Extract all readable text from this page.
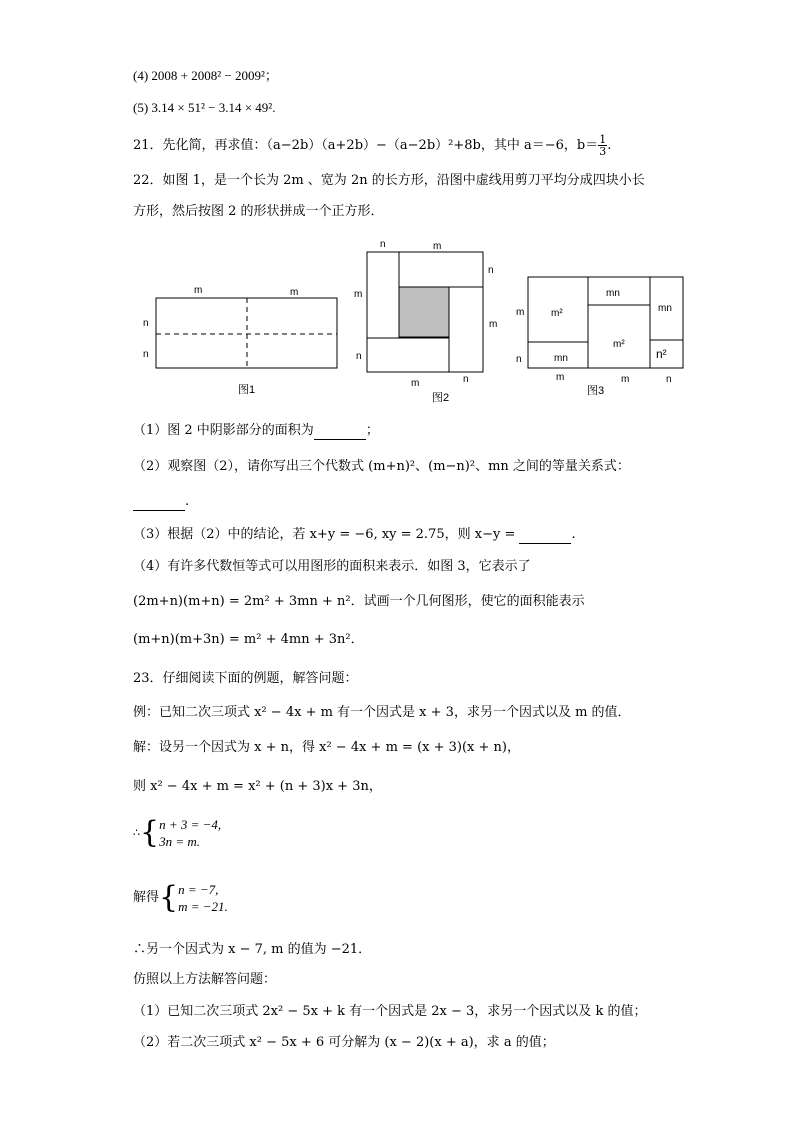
(4) 2008 + 2008² − 2009²；
(5) 3.14 × 51² − 3.14 × 49².
21．先化简，再求值：（a−2b）（a+2b）−（a−2b）²+8b，其中 a＝−6，$b= \frac{1}{3}$ .
22．如图 1，是一个长为 2m 、宽为 2n 的长方形，沿图中虚线用剪刀平均分成四块小长
方形，然后按图 2 的形状拼成一个正方形．
m	m
n
n
图1
n	m
n
m
m
n
m	n
图2
m²
mn
mn
mn
m²
n²
m
n
m	m	n
图3
（1）图 2 中阴影部分的面积为	；
（2）观察图（2），请你写出三个代数式 (m+n)²、(m−n)²、mn 之间的等量关系式：
.
（3）根据（2）中的结论，若 x+y = −6, xy = 2.75，则 x−y =	.
（4）有许多代数恒等式可以用图形的面积来表示．如图 3，它表示了
(2m+n)(m+n) = 2m² + 3mn + n²．试画一个几何图形，使它的面积能表示
(m+n)(m+3n) = m² + 4mn + 3n²．
23．仔细阅读下面的例题，解答问题：
例：已知二次三项式 x² − 4x + m 有一个因式是 x + 3，求另一个因式以及 m 的值．
解：设另一个因式为 x + n，得 x² − 4x + m = (x + 3)(x + n)，
则 x² − 4x + m = x² + (n + 3)x + 3n，
∴{ n + 3 = −4,
3n = m.
解得{ n = −7,
m = −21.
∴另一个因式为 x − 7, m 的值为 −21．
仿照以上方法解答问题：
（1）已知二次三项式 2x² − 5x + k 有一个因式是 2x − 3，求另一个因式以及 k 的值；
（2）若二次三项式 x² − 5x + 6 可分解为 (x − 2)(x + a)，求 a 的值；
